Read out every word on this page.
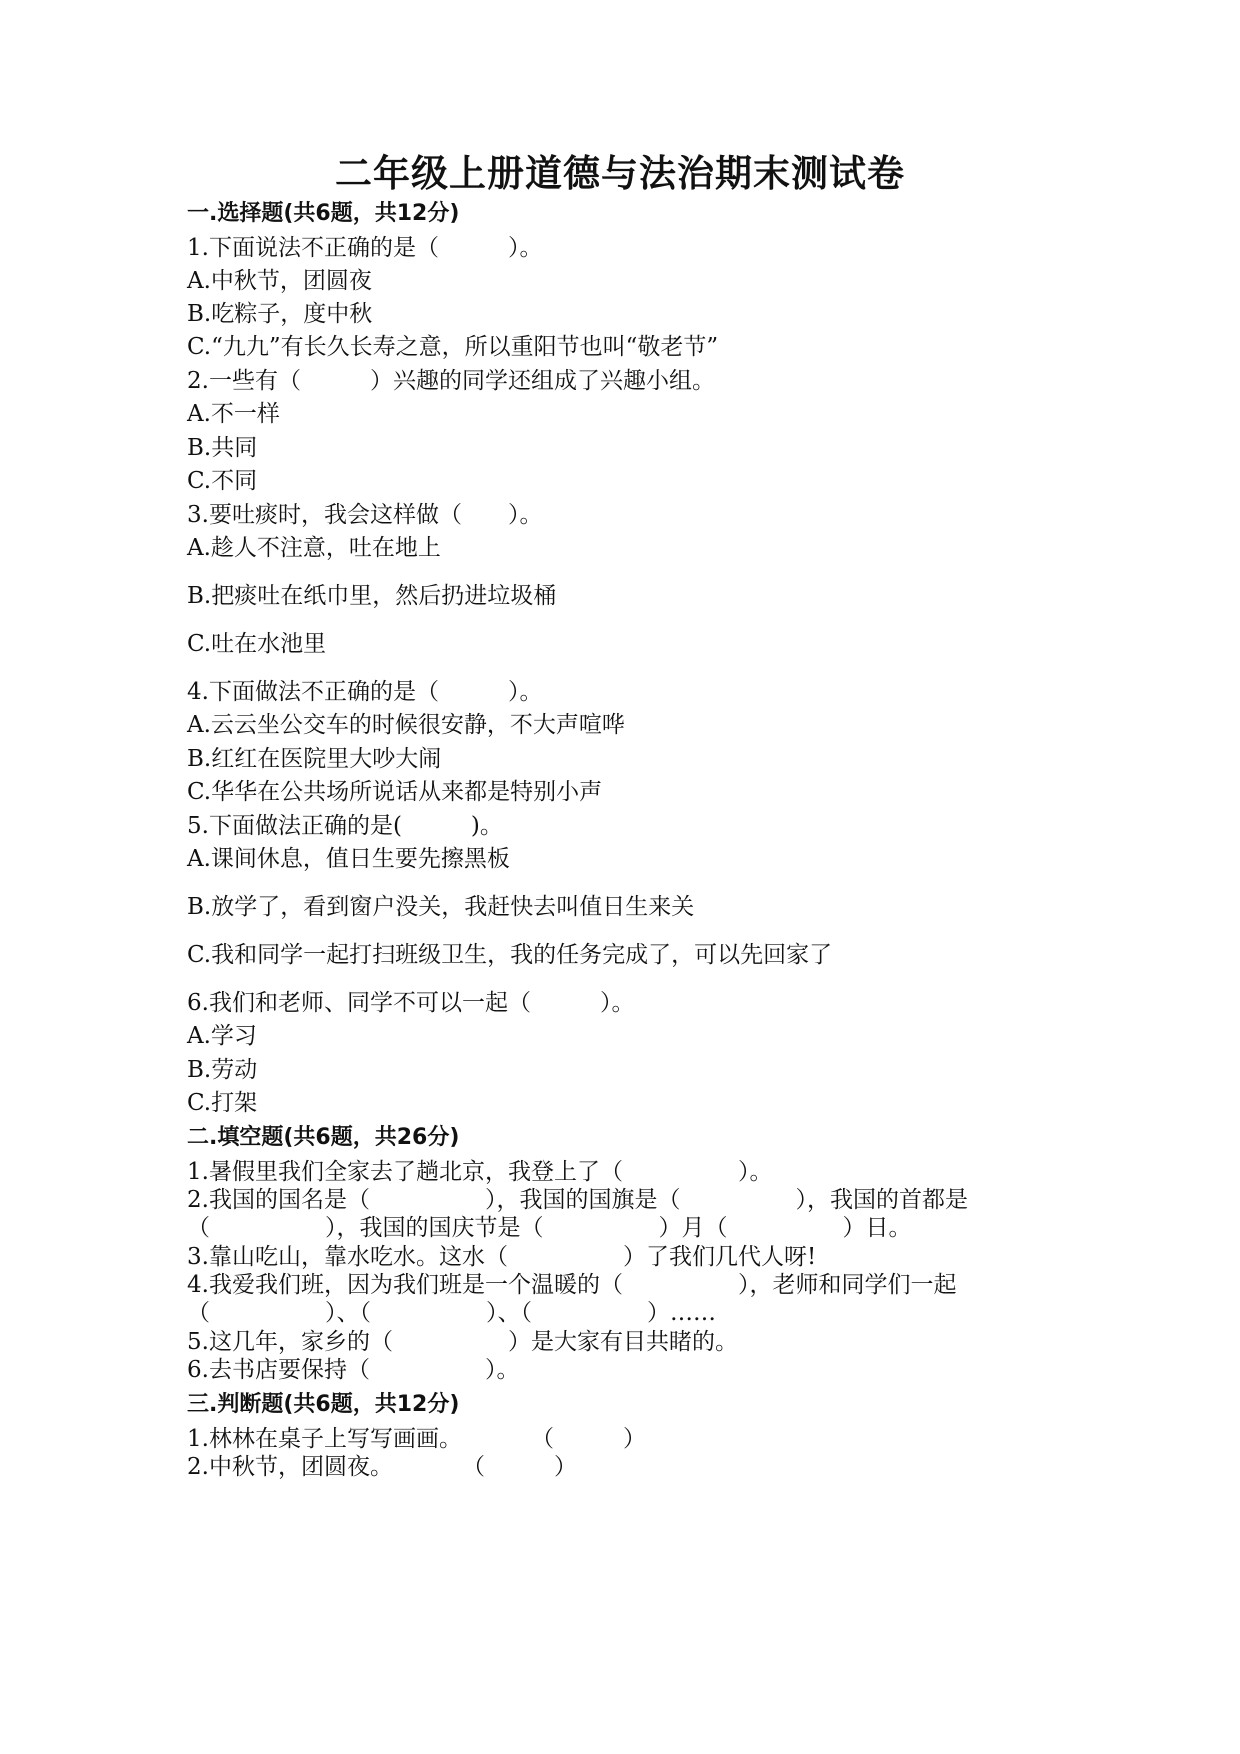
二年级上册道德与法治期末测试卷
一.选择题(共6题，共12分)
1.下面说法不正确的是（　　　）。
A.中秋节，团圆夜
B.吃粽子，度中秋
C.“九九”有长久长寿之意，所以重阳节也叫“敬老节”
2.一些有（　　　）兴趣的同学还组成了兴趣小组。
A.不一样
B.共同
C.不同
3.要吐痰时，我会这样做（　　）。
A.趁人不注意，吐在地上
B.把痰吐在纸巾里，然后扔进垃圾桶
C.吐在水池里
4.下面做法不正确的是（　　　）。
A.云云坐公交车的时候很安静，不大声喧哗
B.红红在医院里大吵大闹
C.华华在公共场所说话从来都是特别小声
5.下面做法正确的是(　　　)。
A.课间休息，值日生要先擦黑板
B.放学了，看到窗户没关，我赶快去叫值日生来关
C.我和同学一起打扫班级卫生，我的任务完成了，可以先回家了
6.我们和老师、同学不可以一起（　　　）。
A.学习
B.劳动
C.打架
二.填空题(共6题，共26分)
1.暑假里我们全家去了趟北京，我登上了（　　　　　）。
2.我国的国名是（　　　　　），我国的国旗是（　　　　　），我国的首都是
（　　　　　），我国的国庆节是（　　　　　）月（　　　　　）日。
3.靠山吃山，靠水吃水。这水（　　　　　）了我们几代人呀!
4.我爱我们班，因为我们班是一个温暖的（　　　　　），老师和同学们一起
（　　　　　）、（　　　　　）、（　　　　　）……
5.这几年，家乡的（　　　　　）是大家有目共睹的。
6.去书店要保持（　　　　　）。
三.判断题(共6题，共12分)
1.林林在桌子上写写画画。　　　　（　　　）
2.中秋节，团圆夜。　　　　（　　　）
